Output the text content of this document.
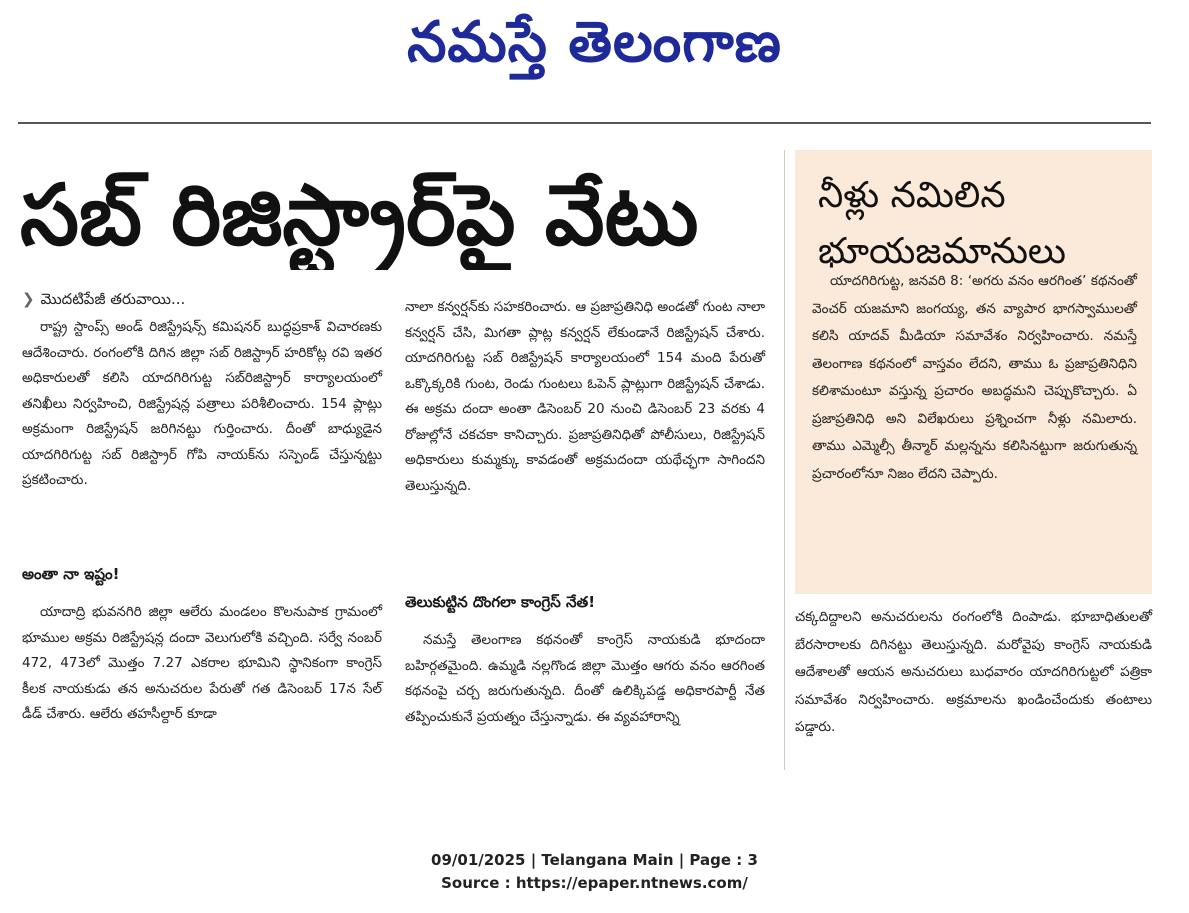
నమస్తే తెలంగాణ
సబ్ రిజిస్ట్రార్‌పై వేటు
❯ మొదటిపేజీ తరువాయి...

రాష్ట్ర స్టాంప్స్ అండ్ రిజిస్ట్రేషన్స్ కమిషనర్ బుద్ధప్రకాశ్ విచారణకు ఆదేశించారు. రంగంలోకి దిగిన జిల్లా సబ్ రిజిస్ట్రార్ హరికోట్ల రవి ఇతర అధికారులతో కలిసి యాదగిరిగుట్ట సబ్‌రిజిస్ట్రార్ కార్యాలయంలో తనిఖీలు నిర్వహించి, రిజిస్ట్రేషన్ల పత్రాలు పరిశీలించారు. 154 ప్లాట్లు అక్రమంగా రిజిస్ట్రేషన్ జరిగినట్టు గుర్తించారు. దీంతో బాధ్యుడైన యాదగిరిగుట్ట సబ్ రిజిస్ట్రార్ గోపి నాయక్‌ను సస్పెండ్ చేస్తున్నట్టు ప్రకటించారు.

అంతా నా ఇష్టం!

యాదాద్రి భువనగిరి జిల్లా ఆలేరు మండలం కొలనుపాక గ్రామంలో భూముల అక్రమ రిజిస్ట్రేషన్ల దందా వెలుగులోకి వచ్చింది. సర్వే నంబర్ 472, 473లో మొత్తం 7.27 ఎకరాల భూమిని స్థానికంగా కాంగ్రెస్ కీలక నాయకుడు తన అనుచరుల పేరుతో గత డిసెంబర్ 17న సేల్ డీడ్ చేశారు. ఆలేరు తహసీల్దార్ కూడా

నాలా కన్వర్షన్‌కు సహకరించారు. ఆ ప్రజాప్రతినిధి అండతో గుంట నాలా కన్వర్షన్ చేసి, మిగతా ప్లాట్ల కన్వర్షన్ లేకుండానే రిజిస్ట్రేషన్ చేశారు. యాదగిరిగుట్ట సబ్ రిజిస్ట్రేషన్ కార్యాలయంలో 154 మంది పేరుతో ఒక్కొక్కరికి గుంట, రెండు గుంటలు ఓపెన్ ప్లాట్లుగా రిజిస్ట్రేషన్ చేశాడు. ఈ అక్రమ దందా అంతా డిసెంబర్ 20 నుంచి డిసెంబర్ 23 వరకు 4 రోజుల్లోనే చకచకా కానిచ్చారు. ప్రజాప్రతినిధితో పోలీసులు, రిజిస్ట్రేషన్ అధికారులు కుమ్మక్కు కావడంతో అక్రమదందా యథేచ్ఛగా సాగిందని తెలుస్తున్నది.

తెలుకుట్టిన దొంగలా కాంగ్రెస్ నేత!

నమస్తే తెలంగాణ కథనంతో కాంగ్రెస్ నాయకుడి భూదందా బహిర్గతమైంది. ఉమ్మడి నల్లగొండ జిల్లా మొత్తం ఆగరు వనం ఆరగింత కథనంపై చర్చ జరుగుతున్నది. దీంతో ఉలిక్కిపడ్డ అధికారపార్టీ నేత తప్పించుకునే ప్రయత్నం చేస్తున్నాడు. ఈ వ్యవహారాన్ని

నీళ్లు నమిలిన భూయజమానులు

యాదగిరిగుట్ట, జనవరి 8: ‘అగరు వనం ఆరగింత’ కథనంతో వెంచర్ యజమాని జంగయ్య, తన వ్యాపార భాగస్వాములతో కలిసి యాదవ్ మీడియా సమావేశం నిర్వహించారు. నమస్తే తెలంగాణ కథనంలో వాస్తవం లేదని, తాము ఓ ప్రజాప్రతినిధిని కలిశామంటూ వస్తున్న ప్రచారం అబద్ధమని చెప్పుకొచ్చారు. ఏ ప్రజాప్రతినిధి అని విలేఖరులు ప్రశ్నించగా నీళ్లు నమిలారు. తాము ఎమ్మెల్సీ తీన్మార్ మల్లన్నను కలిసినట్టుగా జరుగుతున్న ప్రచారంలోనూ నిజం లేదని చెప్పారు.

చక్కదిద్దాలని అనుచరులను రంగంలోకి దింపాడు. భూబాధితులతో బేరసారాలకు దిగినట్టు తెలుస్తున్నది. మరోవైపు కాంగ్రెస్ నాయకుడి ఆదేశాలతో ఆయన అనుచరులు బుధవారం యాదగిరిగుట్టలో పత్రికా సమావేశం నిర్వహించారు. అక్రమాలను ఖండించేందుకు తంటాలు పడ్డారు.

09/01/2025 | Telangana Main | Page : 3
Source : https://epaper.ntnews.com/
